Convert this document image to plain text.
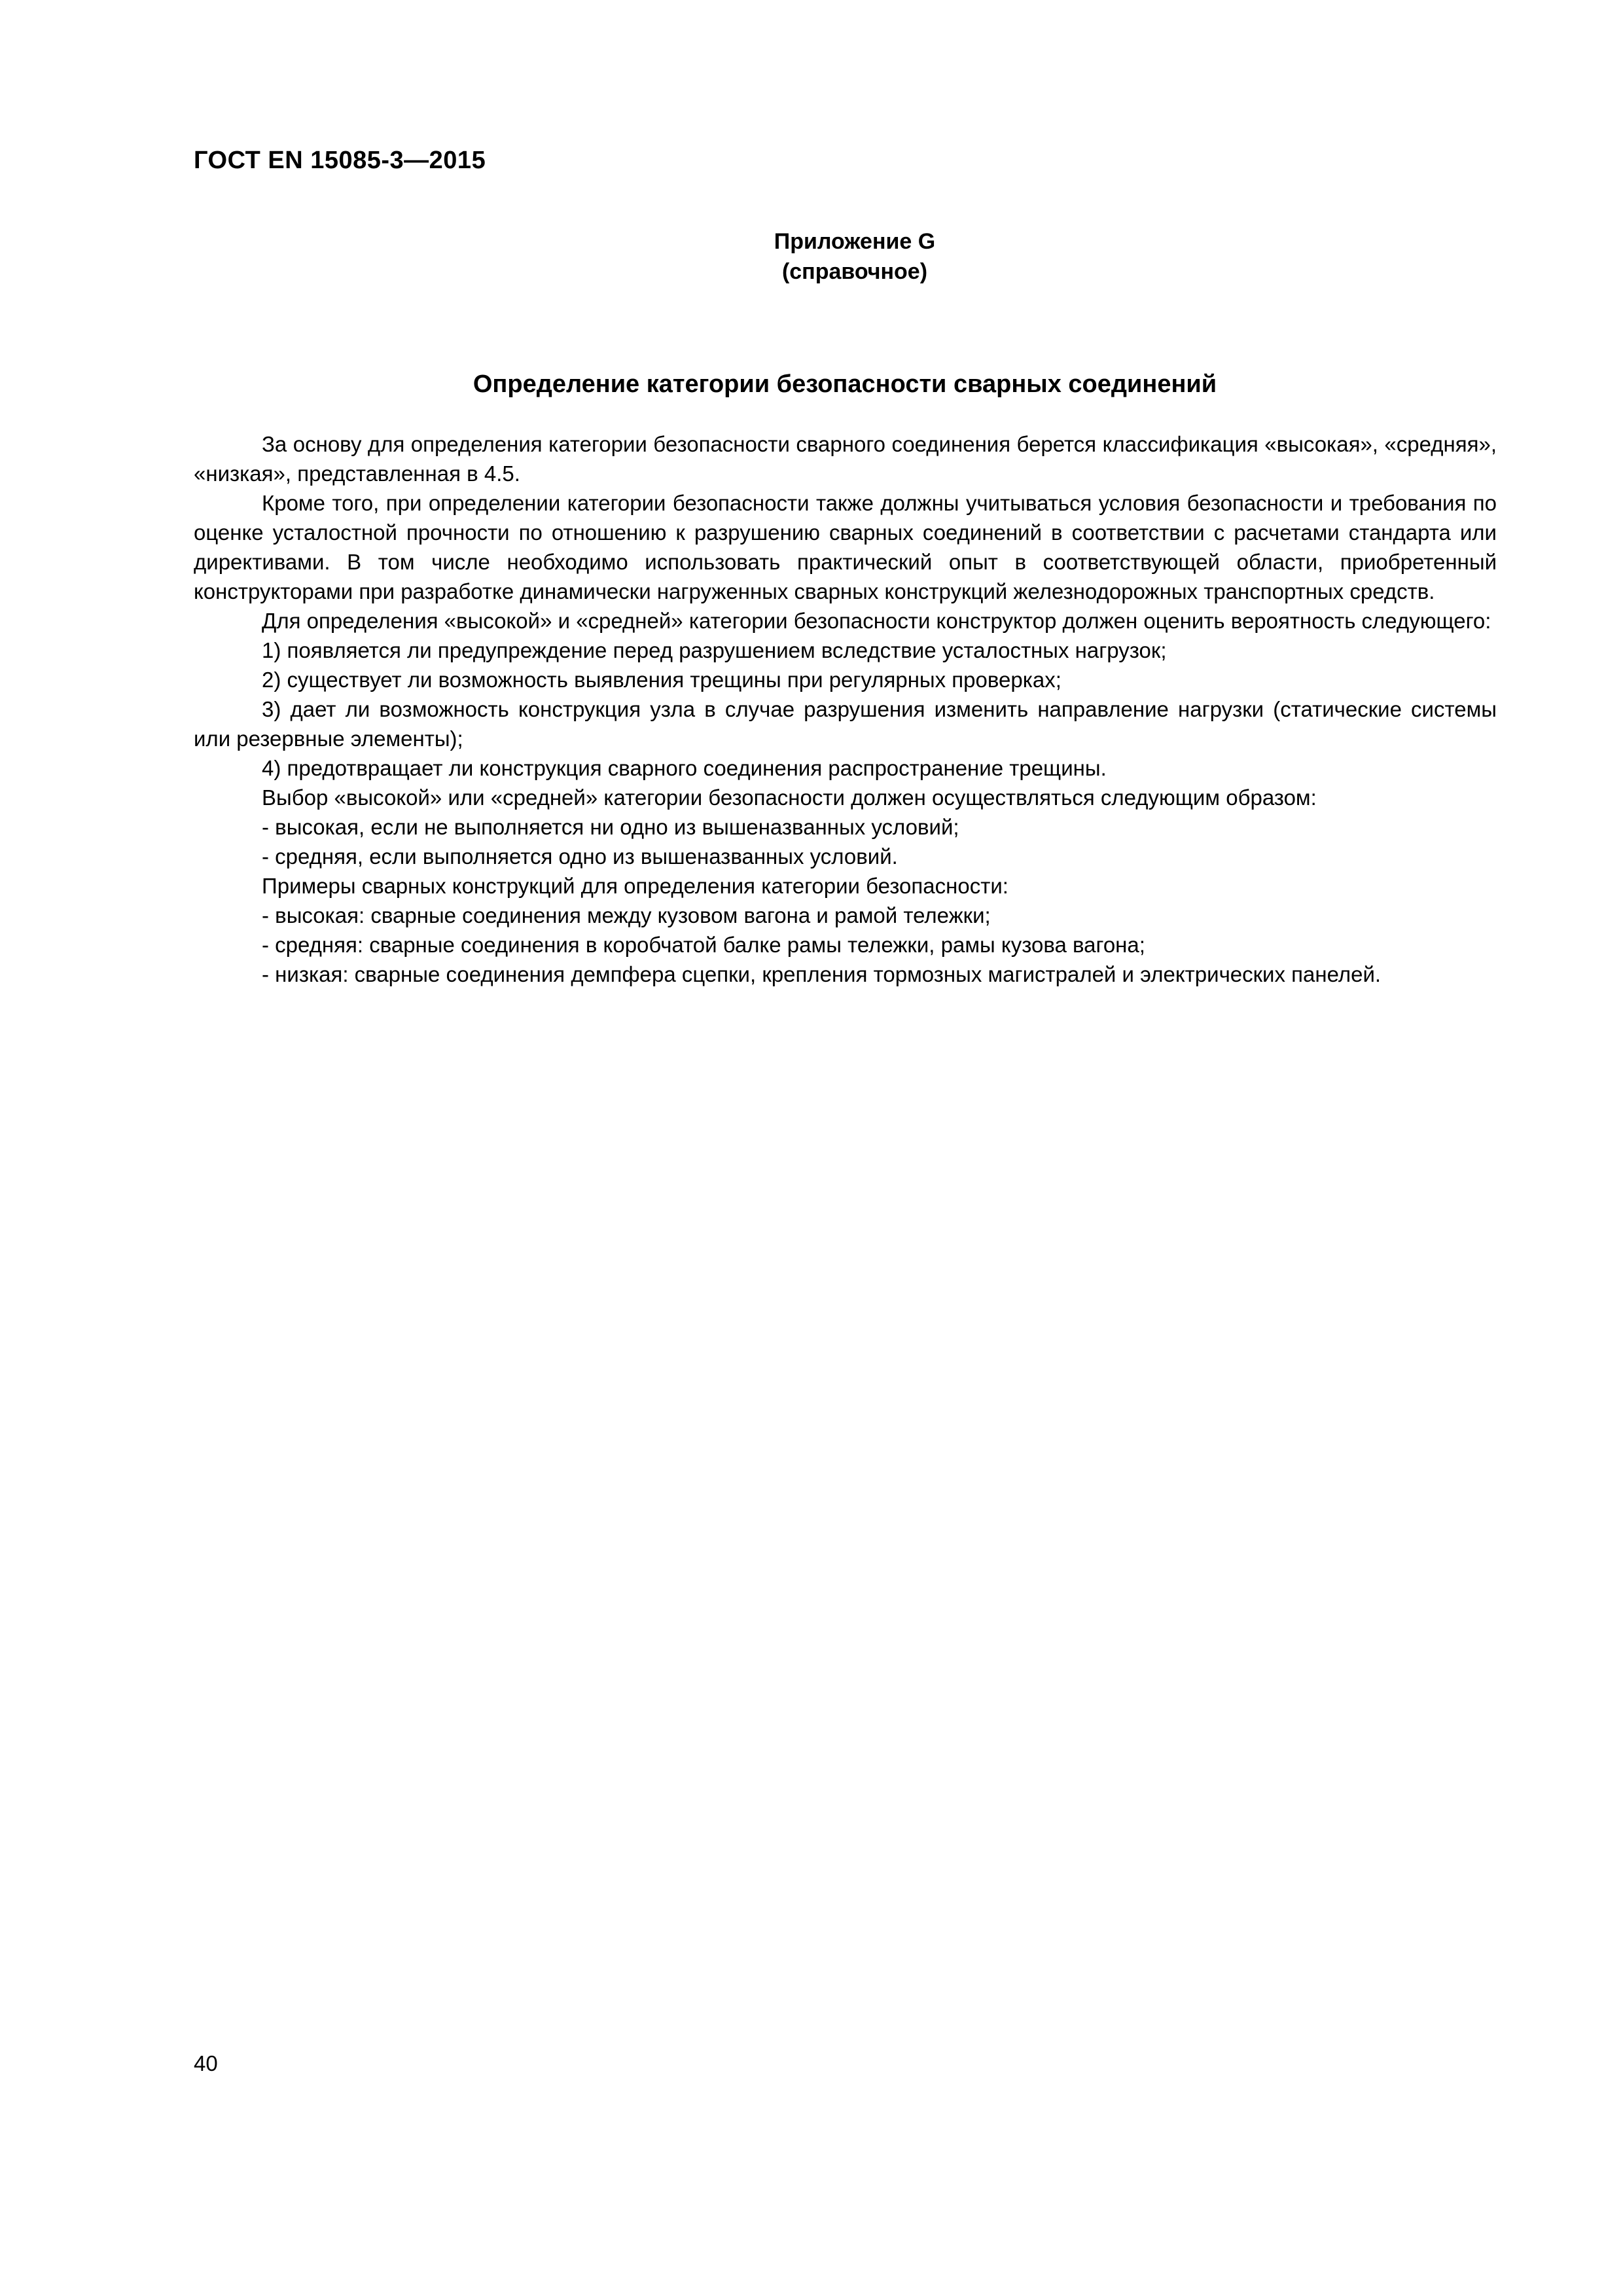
ГОСТ EN 15085-3—2015
Приложение G
(справочное)
Определение категории безопасности сварных соединений

За основу для определения категории безопасности сварного соединения берется классификация «высокая», «средняя», «низкая», представленная в 4.5.

Кроме того, при определении категории безопасности также должны учитываться условия безопасности и требования по оценке усталостной прочности по отношению к разрушению сварных соединений в соответствии с расчетами стандарта или директивами. В том числе необходимо использовать практический опыт в соответствующей области, приобретенный конструкторами при разработке динамически нагруженных сварных конструкций железнодорожных транспортных средств.

Для определения «высокой» и «средней» категории безопасности конструктор должен оценить вероятность следующего:

1) появляется ли предупреждение перед разрушением вследствие усталостных нагрузок;

2) существует ли возможность выявления трещины при регулярных проверках;

3) дает ли возможность конструкция узла в случае разрушения изменить направление нагрузки (статические системы или резервные элементы);

4) предотвращает ли конструкция сварного соединения распространение трещины.

Выбор «высокой» или «средней» категории безопасности должен осуществляться следующим образом:

- высокая, если не выполняется ни одно из вышеназванных условий;

- средняя, если выполняется одно из вышеназванных условий.

Примеры сварных конструкций для определения категории безопасности:

- высокая: сварные соединения между кузовом вагона и рамой тележки;

- средняя: сварные соединения в коробчатой балке рамы тележки, рамы кузова вагона;

- низкая: сварные соединения демпфера сцепки, крепления тормозных магистралей и электрических панелей.

40
